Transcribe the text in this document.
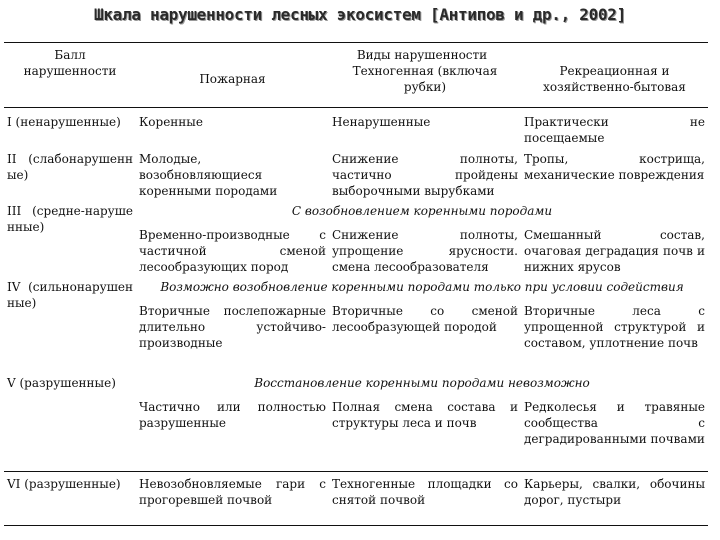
Шкала нарушенности лесных экосистем [Антипов и др., 2002]
Балл нарушенности	Виды нарушенности		
	Пожарная	Техногенная (включая рубки)	Рекреационная и хозяйственно-бытовая
I (ненарушенные)	Коренные	Ненарушенные	Практически не посещаемые
II (слабонарушенные)	Молодые, возобновляющиеся коренными породами	Снижение полноты, частично пройдены выборочными вырубками	Тропы, кострища, механические повреждения
III (средне-нарушенные)	С возобновлением коренными породами		
	Временно-производные с частичной сменой лесообразующих пород	Снижение полноты, упрощение ярусности. смена лесообразователя	Смешанный состав, очаговая деградация почв и нижних ярусов
IV (сильнонарушенные)	Возможно возобновление коренными породами только при условии содействия		
	Вторичные послепожарные длительно устойчиво-производные	Вторичные со сменой лесообразующей породой	Вторичные леса с упрощенной структурой и составом, уплотнение почв
V (разрушенные)	Восстановление коренными породами невозможно		
	Частично или полностью разрушенные	Полная смена состава и структуры леса и почв	Редколесья и травяные сообщества с деградированными почвами
VI (разрушенные)	Невозобновляемые гари с прогоревшей почвой	Техногенные площадки со снятой почвой	Карьеры, свалки, обочины дорог, пустыри
